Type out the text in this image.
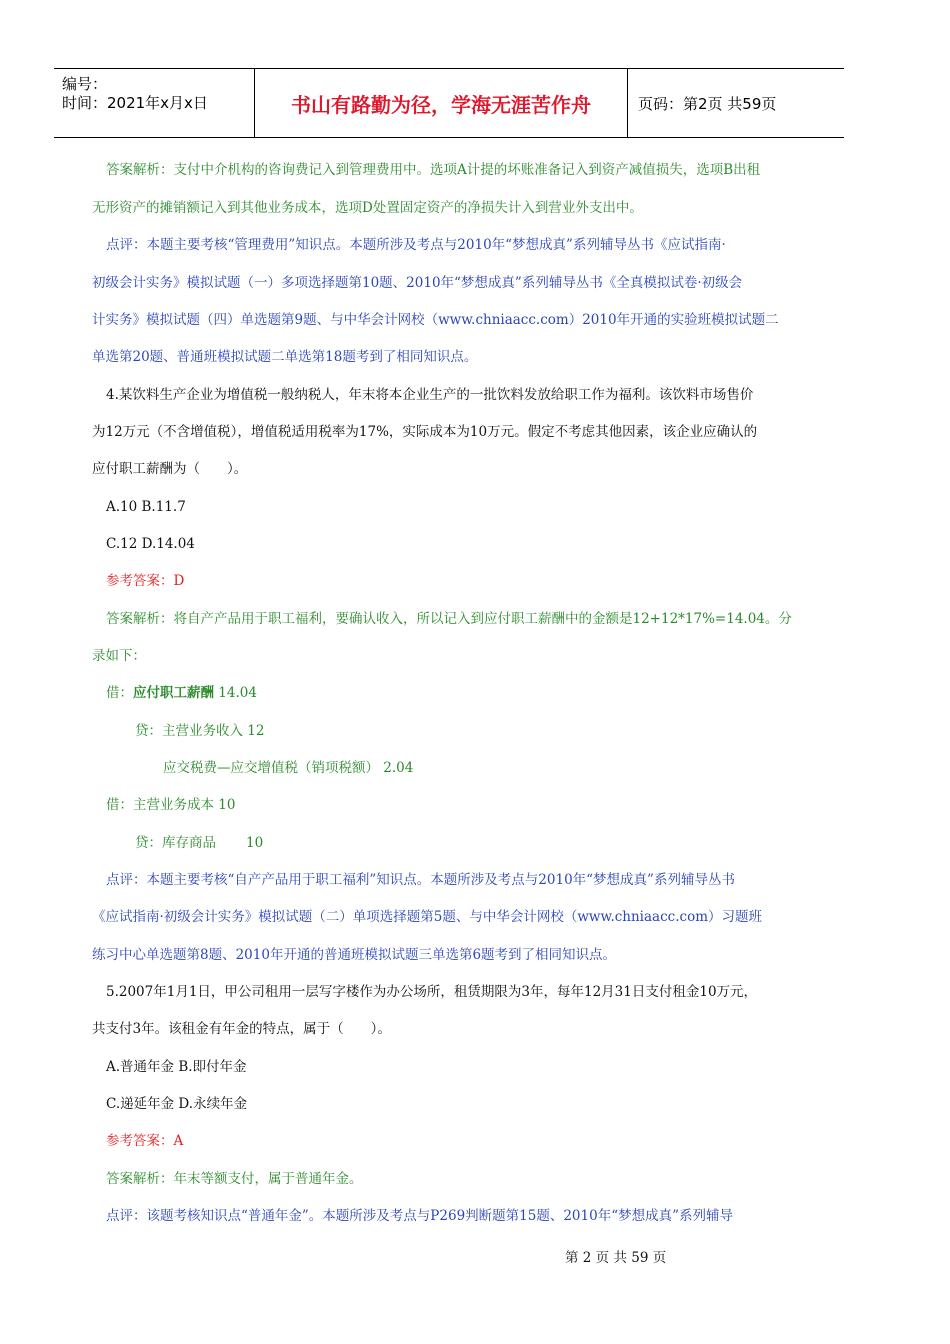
编号：
时间：2021年x月x日	书山有路勤为径，学海无涯苦作舟	页码：第2页 共59页
答案解析：支付中介机构的咨询费记入到管理费用中。选项A计提的坏账准备记入到资产减值损失，选项B出租
无形资产的摊销额记入到其他业务成本，选项D处置固定资产的净损失计入到营业外支出中。
点评：本题主要考核“管理费用”知识点。本题所涉及考点与2010年“梦想成真”系列辅导丛书《应试指南·
初级会计实务》模拟试题（一）多项选择题第10题、2010年“梦想成真”系列辅导丛书《全真模拟试卷·初级会
计实务》模拟试题（四）单选题第9题、与中华会计网校（www.chniaacc.com）2010年开通的实验班模拟试题二
单选第20题、普通班模拟试题二单选第18题考到了相同知识点。
4.某饮料生产企业为增值税一般纳税人，年末将本企业生产的一批饮料发放给职工作为福利。该饮料市场售价
为12万元（不含增值税），增值税适用税率为17%，实际成本为10万元。假定不考虑其他因素，该企业应确认的
应付职工薪酬为（　　）。
A.10 B.11.7
C.12 D.14.04
参考答案：D
答案解析：将自产产品用于职工福利，要确认收入，所以记入到应付职工薪酬中的金额是12+12*17%=14.04。分
录如下：
借：应付职工薪酬 14.04
贷：主营业务收入 12
应交税费—应交增值税（销项税额） 2.04
借：主营业务成本 10
贷：库存商品       10
点评：本题主要考核“自产产品用于职工福利”知识点。本题所涉及考点与2010年“梦想成真”系列辅导丛书
《应试指南·初级会计实务》模拟试题（二）单项选择题第5题、与中华会计网校（www.chniaacc.com）习题班
练习中心单选题第8题、2010年开通的普通班模拟试题三单选第6题考到了相同知识点。
5.2007年1月1日，甲公司租用一层写字楼作为办公场所，租赁期限为3年，每年12月31日支付租金10万元，
共支付3年。该租金有年金的特点，属于（　　）。
A.普通年金 B.即付年金
C.递延年金 D.永续年金
参考答案：A
答案解析：年末等额支付，属于普通年金。
点评：该题考核知识点“普通年金”。本题所涉及考点与P269判断题第15题、2010年“梦想成真”系列辅导
第 2 页 共 59 页
